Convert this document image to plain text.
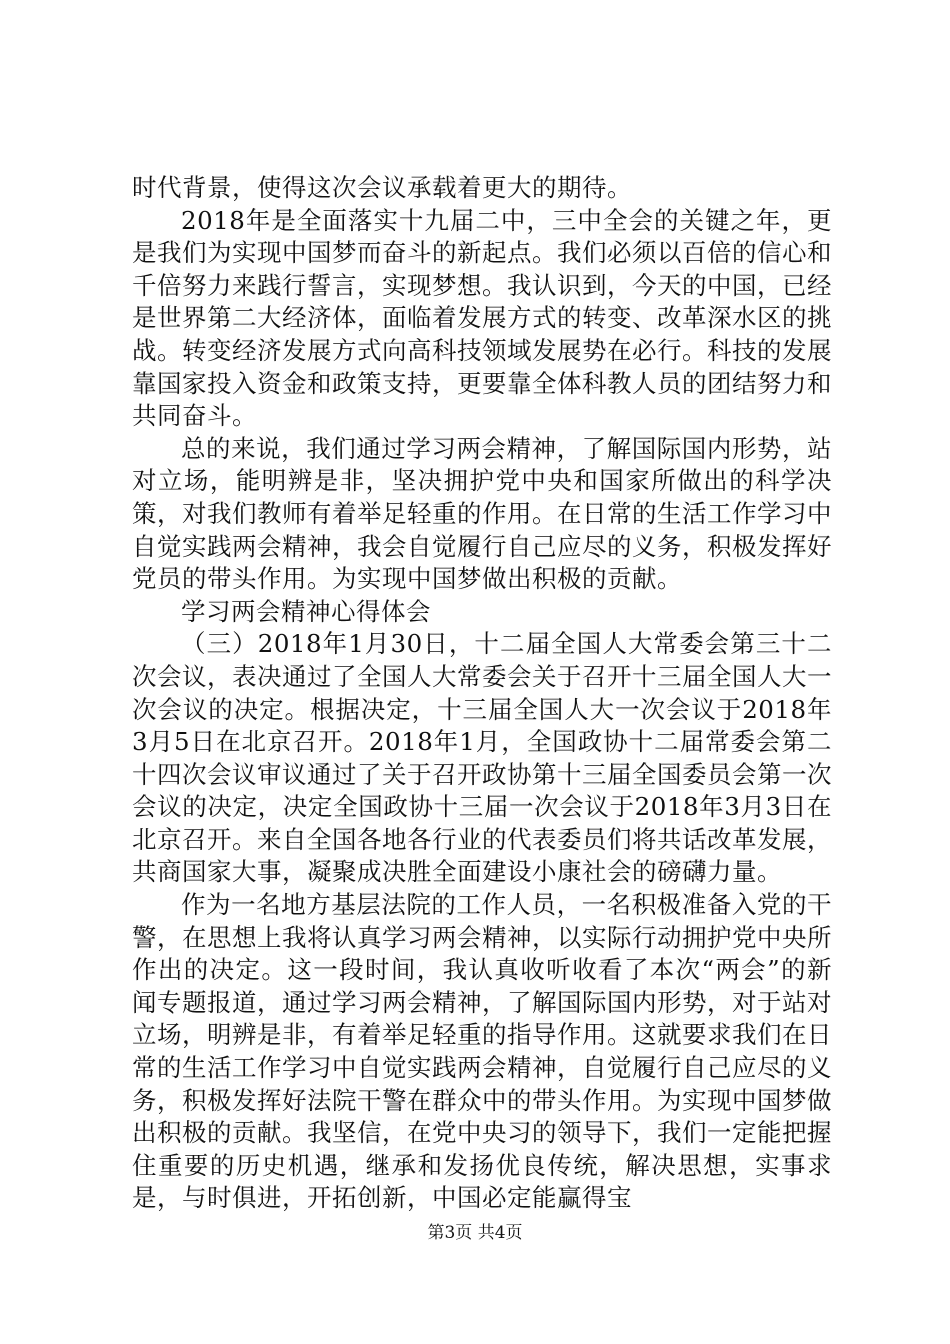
时代背景，使得这次会议承载着更大的期待。

2018年是全面落实十九届二中，三中全会的关键之年，更是我们为实现中国梦而奋斗的新起点。我们必须以百倍的信心和千倍努力来践行誓言，实现梦想。我认识到，今天的中国，已经是世界第二大经济体，面临着发展方式的转变、改革深水区的挑战。转变经济发展方式向高科技领域发展势在必行。科技的发展靠国家投入资金和政策支持，更要靠全体科教人员的团结努力和共同奋斗。

总的来说，我们通过学习两会精神，了解国际国内形势，站对立场，能明辨是非，坚决拥护党中央和国家所做出的科学决策，对我们教师有着举足轻重的作用。在日常的生活工作学习中自觉实践两会精神，我会自觉履行自己应尽的义务，积极发挥好党员的带头作用。为实现中国梦做出积极的贡献。

学习两会精神心得体会

（三）2018年1月30日，十二届全国人大常委会第三十二次会议，表决通过了全国人大常委会关于召开十三届全国人大一次会议的决定。根据决定，十三届全国人大一次会议于2018年3月5日在北京召开。2018年1月，全国政协十二届常委会第二十四次会议审议通过了关于召开政协第十三届全国委员会第一次会议的决定，决定全国政协十三届一次会议于2018年3月3日在北京召开。来自全国各地各行业的代表委员们将共话改革发展，共商国家大事，凝聚成决胜全面建设小康社会的磅礴力量。

作为一名地方基层法院的工作人员，一名积极准备入党的干警，在思想上我将认真学习两会精神，以实际行动拥护党中央所作出的决定。这一段时间，我认真收听收看了本次“两会”的新闻专题报道，通过学习两会精神，了解国际国内形势，对于站对立场，明辨是非，有着举足轻重的指导作用。这就要求我们在日常的生活工作学习中自觉实践两会精神，自觉履行自己应尽的义务，积极发挥好法院干警在群众中的带头作用。为实现中国梦做出积极的贡献。我坚信，在党中央习的领导下，我们一定能把握住重要的历史机遇，继承和发扬优良传统，解决思想，实事求是，与时俱进，开拓创新，中国必定能赢得宝

第3页 共4页
